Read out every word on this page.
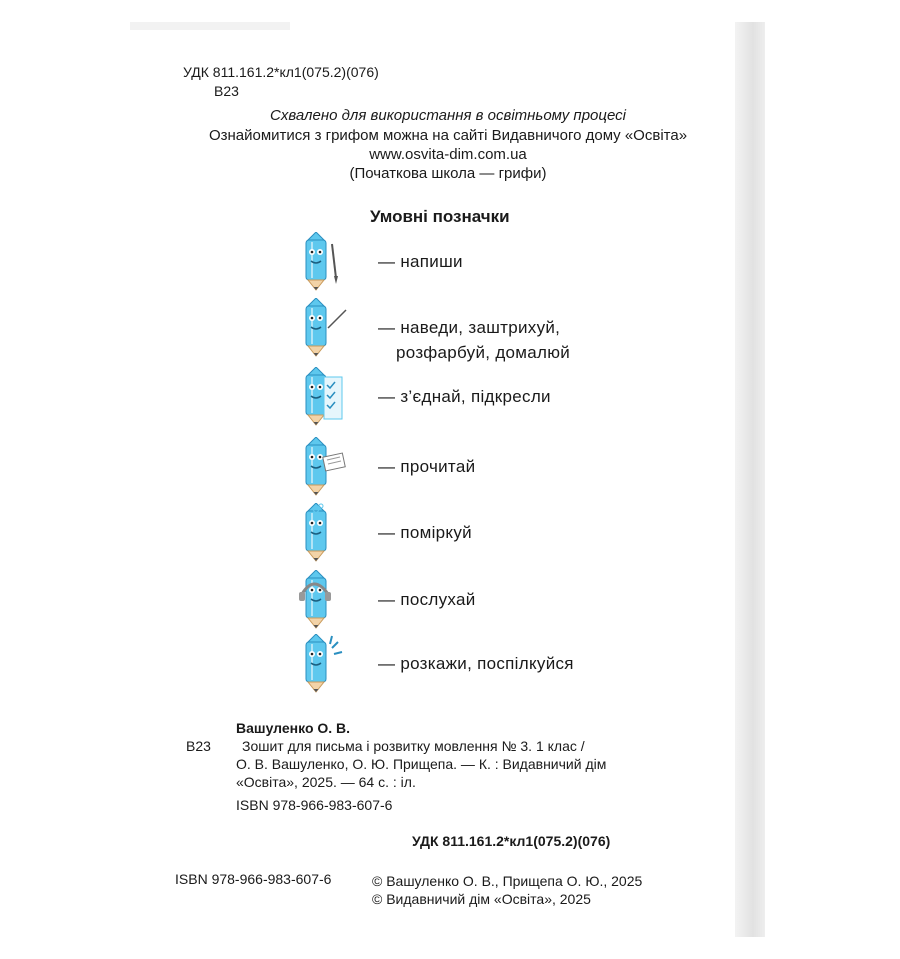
УДК 811.161.2*кл1(075.2)(076)
В23
Схвалено для використання в освітньому процесі
Ознайомитися з грифом можна на сайті Видавничого дому «Освіта»
www.osvita-dim.com.ua
(Початкова школа — грифи)
Умовні позначки
— напиши
— наведи, заштрихуй,
розфарбуй, домалюй
— з’єднай, підкресли
— прочитай
— поміркуй
— послухай
— розкажи, поспілкуйся
Вашуленко О. В.
В23 Зошит для письма і розвитку мовлення № 3. 1 клас /
О. В. Вашуленко, О. Ю. Прищепа. — К. : Видавничий дім
«Освіта», 2025. — 64 с. : іл.
ISBN 978-966-983-607-6
УДК 811.161.2*кл1(075.2)(076)
ISBN 978-966-983-607-6	© Вашуленко О. В., Прищепа О. Ю., 2025
© Видавничий дім «Освіта», 2025
